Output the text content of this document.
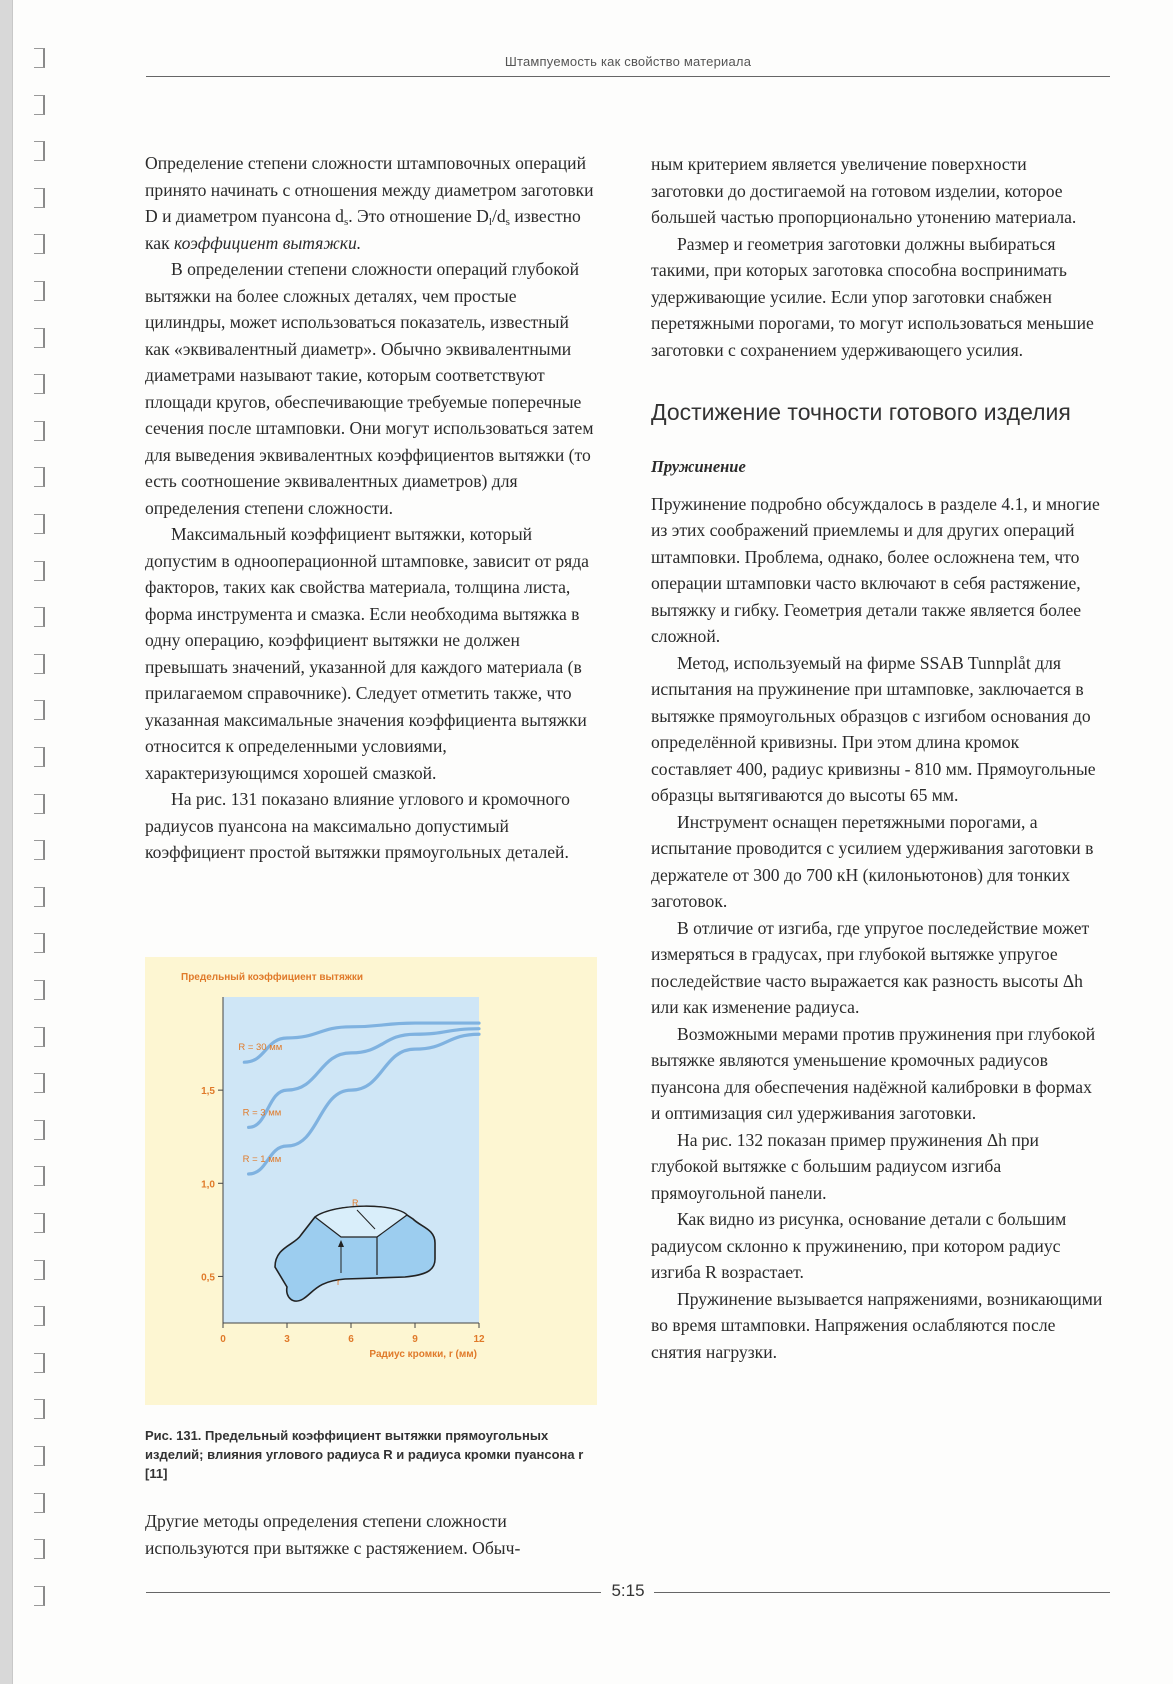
Штампуемость как свойство материала

Определение степени сложности штамповочных операций принято начинать с отношения между диаметром заготовки D и диаметром пуансона $d_s$. Это отношение $D_l/d_s$ известно как коэффициент вытяжки.

В определении степени сложности операций глубокой вытяжки на более сложных деталях, чем простые цилиндры, может использоваться показатель, известный как «эквивалентный диаметр». Обычно эквивалентными диаметрами называют такие, которым соответствуют площади кругов, обеспечивающие требуемые поперечные сечения после штамповки. Они могут использоваться затем для выведения эквивалентных коэффициентов вытяжки (то есть соотношение эквивалентных диаметров) для определения степени сложности.

Максимальный коэффициент вытяжки, который допустим в однооперационной штамповке, зависит от ряда факторов, таких как свойства материала, толщина листа, форма инструмента и смазка. Если необходима вытяжка в одну операцию, коэффициент вытяжки не должен превышать значений, указанной для каждого материала (в прилагаемом справочнике). Следует отметить также, что указанная максимальные значения коэффициента вытяжки относится к определенными условиями, характеризующимся хорошей смазкой.

На рис. 131 показано влияние углового и кромочного радиусов пуансона на максимально допустимый коэффициент простой вытяжки прямоугольных деталей.

Предельный коэффициент вытяжки
Радиус кромки, r (мм)
0	3	6	9	12
0,5
1,0
1,5
R = 30 мм
R = 3 мм
R = 1 мм
R
r
Рис. 131. Предельный коэффициент вытяжки прямоугольных изделий; влияния углового радиуса R и радиуса кромки пуансона r [11]

Другие методы определения степени сложности используются при вытяжке с растяжением. Обыч-

ным критерием является увеличение поверхности заготовки до достигаемой на готовом изделии, которое большей частью пропорционально утонению материала.

Размер и геометрия заготовки должны выбираться такими, при которых заготовка способна воспринимать удерживающие усилие. Если упор заготовки снабжен перетяжными порогами, то могут использоваться меньшие заготовки с сохранением удерживающего усилия.

Достижение точности готового изделия
Пружинение

Пружинение подробно обсуждалось в разделе 4.1, и многие из этих соображений приемлемы и для других операций штамповки. Проблема, однако, более осложнена тем, что операции штамповки часто включают в себя растяжение, вытяжку и гибку. Геометрия детали также является более сложной.

Метод, используемый на фирме SSAB Tunnplåt для испытания на пружинение при штамповке, заключается в вытяжке прямоугольных образцов с изгибом основания до определённой кривизны. При этом длина кромок составляет 400, радиус кривизны - 810 мм. Прямоугольные образцы вытягиваются до высоты 65 мм.

Инструмент оснащен перетяжными порогами, а испытание проводится с усилием удерживания заготовки в держателе от 300 до 700 кН (килоньютонов) для тонких заготовок.

В отличие от изгиба, где упругое последействие может измеряться в градусах, при глубокой вытяжке упругое последействие часто выражается как разность высоты Δh или как изменение радиуса.

Возможными мерами против пружинения при глубокой вытяжке являются уменьшение кромочных радиусов пуансона для обеспечения надёжной калибровки в формах и оптимизация сил удерживания заготовки.

На рис. 132 показан пример пружинения Δh при глубокой вытяжке с большим радиусом изгиба прямоугольной панели.

Как видно из рисунка, основание детали с большим радиусом склонно к пружинению, при котором радиус изгиба R возрастает.

Пружинение вызывается напряжениями, возникающими во время штамповки. Напряжения ослабляются после снятия нагрузки.

5:15
